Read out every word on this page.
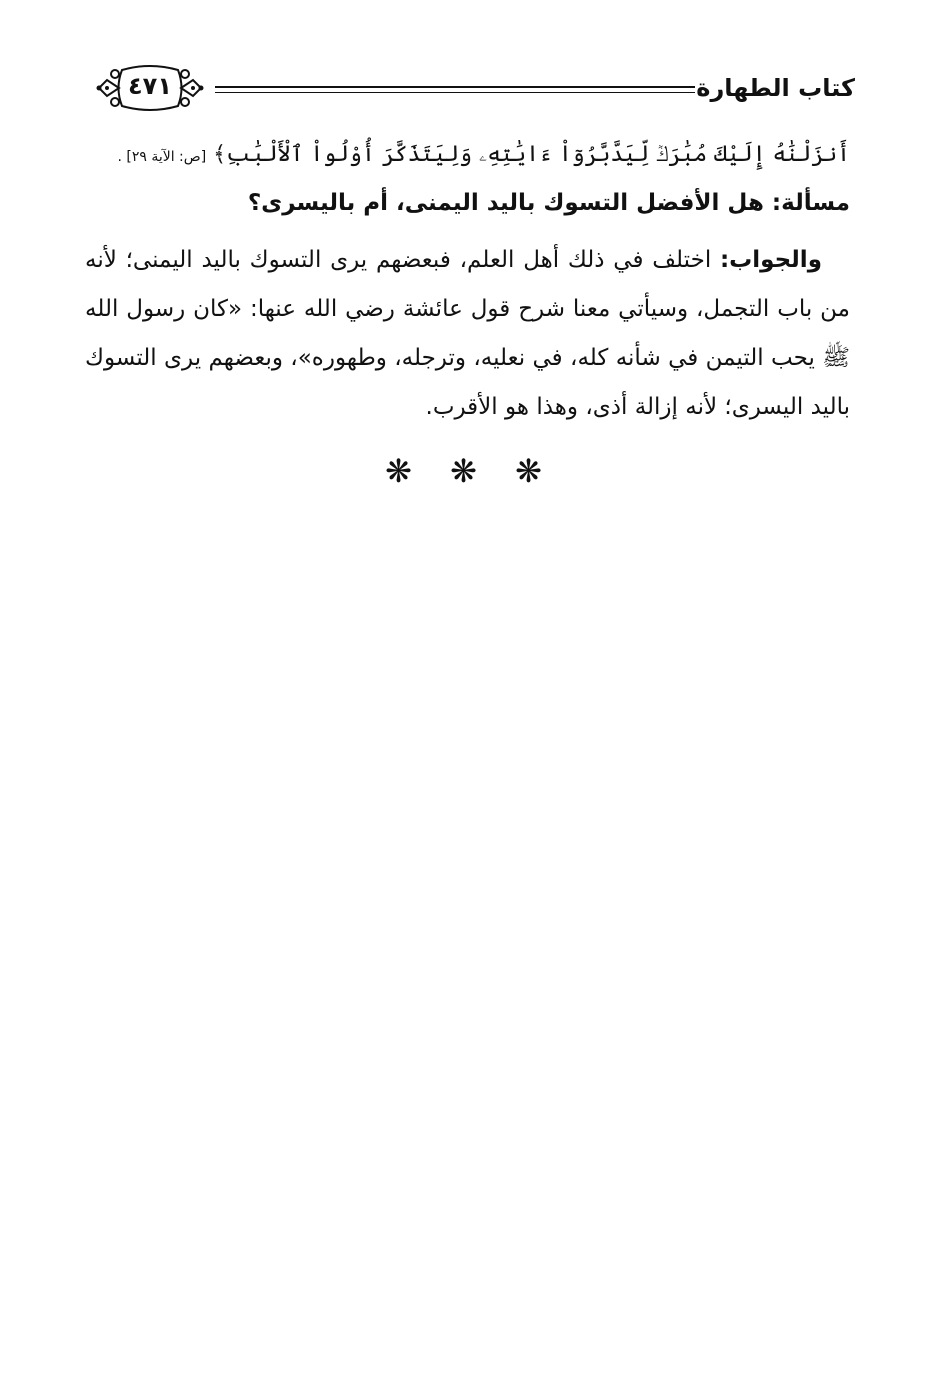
كتاب الطهارة
٤٧١
أَنزَلْنَٰهُ إِلَيْكَ مُبَٰرَكٞ لِّيَدَّبَّرُوٓاْ ءَايَٰتِهِۦ وَلِيَتَذَكَّرَ أُوْلُواْ ٱلْأَلْبَٰبِ﴾ [ص: الآية ٢٩] .
مسألة: هل الأفضل التسوك باليد اليمنى، أم باليسرى؟
والجواب: اختلف في ذلك أهل العلم، فبعضهم يرى التسوك باليد اليمنى؛ لأنه من باب التجمل، وسيأتي معنا شرح قول عائشة رضي الله عنها: «كان رسول الله ﷺ يحب التيمن في شأنه كله، في نعليه، وترجله، وطهوره»، وبعضهم يرى التسوك باليد اليسرى؛ لأنه إزالة أذى، وهذا هو الأقرب.
❋ ❋ ❋
